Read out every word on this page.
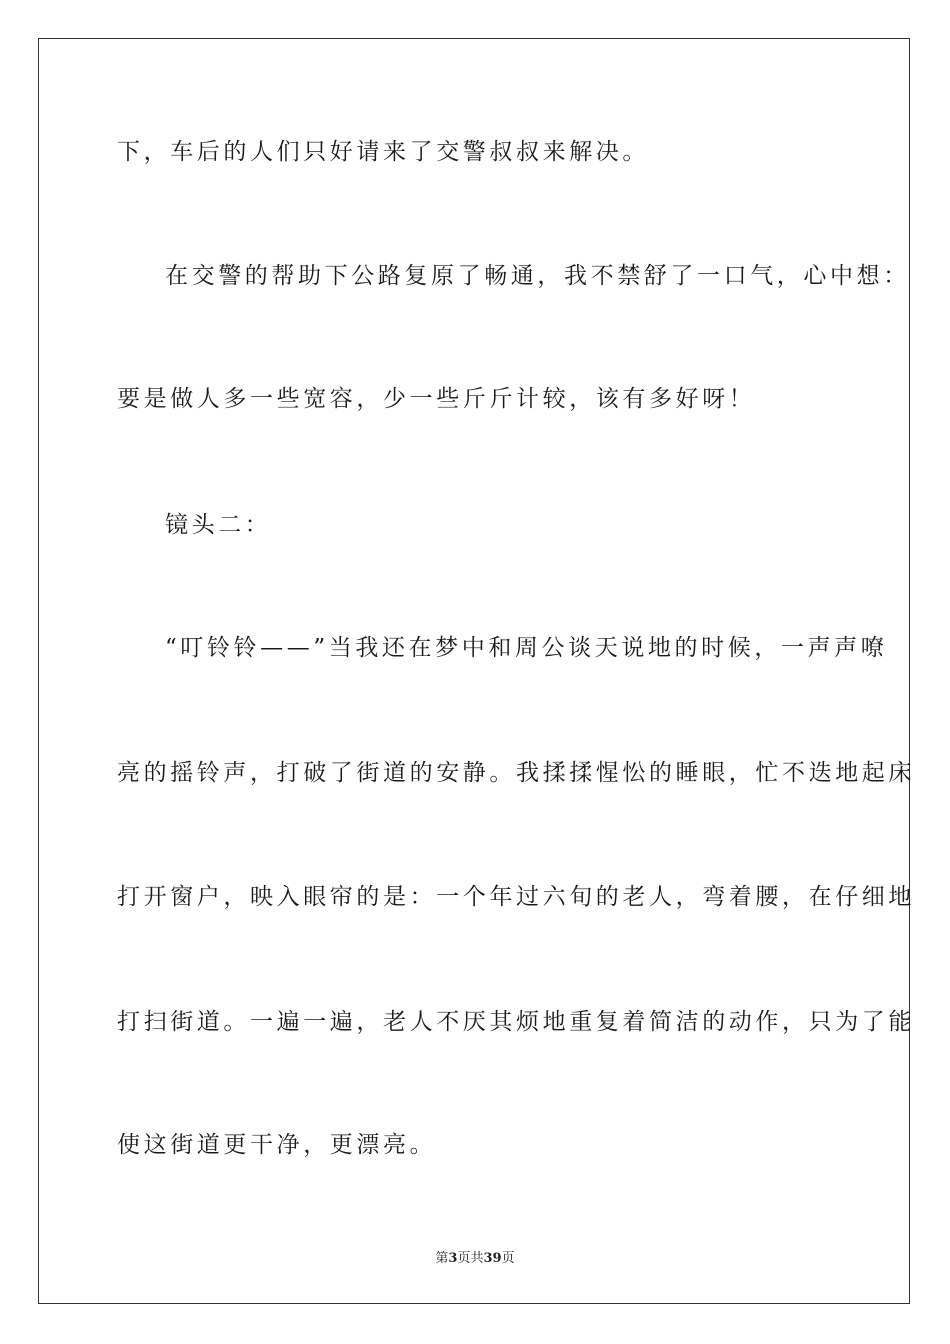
下，车后的人们只好请来了交警叔叔来解决。
在交警的帮助下公路复原了畅通，我不禁舒了一口气，心中想：
要是做人多一些宽容，少一些斤斤计较，该有多好呀！
镜头二：
“叮铃铃——”当我还在梦中和周公谈天说地的时候，一声声嘹
亮的摇铃声，打破了街道的安静。我揉揉惺忪的睡眼，忙不迭地起床
打开窗户，映入眼帘的是：一个年过六旬的老人，弯着腰，在仔细地
打扫街道。一遍一遍，老人不厌其烦地重复着简洁的动作，只为了能
使这街道更干净，更漂亮。
第3页共39页
